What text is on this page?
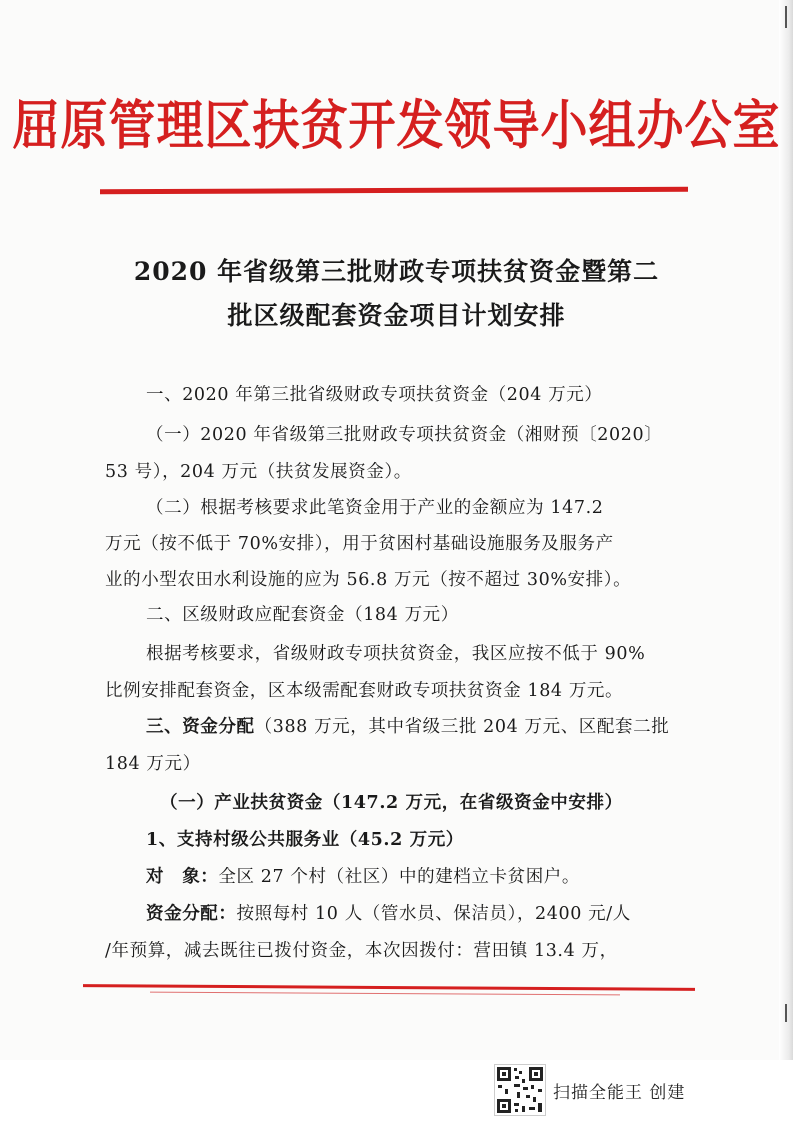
屈原管理区扶贫开发领导小组办公室
2020 年省级第三批财政专项扶贫资金暨第二
批区级配套资金项目计划安排
一、2020 年第三批省级财政专项扶贫资金（204 万元）
（一）2020 年省级第三批财政专项扶贫资金（湘财预〔2020〕
53 号），204 万元（扶贫发展资金）。
（二）根据考核要求此笔资金用于产业的金额应为 147.2
万元（按不低于 70%安排），用于贫困村基础设施服务及服务产
业的小型农田水利设施的应为 56.8 万元（按不超过 30%安排）。
二、区级财政应配套资金（184 万元）
根据考核要求，省级财政专项扶贫资金，我区应按不低于 90%
比例安排配套资金，区本级需配套财政专项扶贫资金 184 万元。
三、资金分配（388 万元，其中省级三批 204 万元、区配套二批
184 万元）
（一）产业扶贫资金（147.2 万元，在省级资金中安排）
1、支持村级公共服务业（45.2 万元）
对　象：全区 27 个村（社区）中的建档立卡贫困户。
资金分配：按照每村 10 人（管水员、保洁员），2400 元/人
/年预算，减去既往已拨付资金，本次因拨付：营田镇 13.4 万，
扫描全能王 创建
